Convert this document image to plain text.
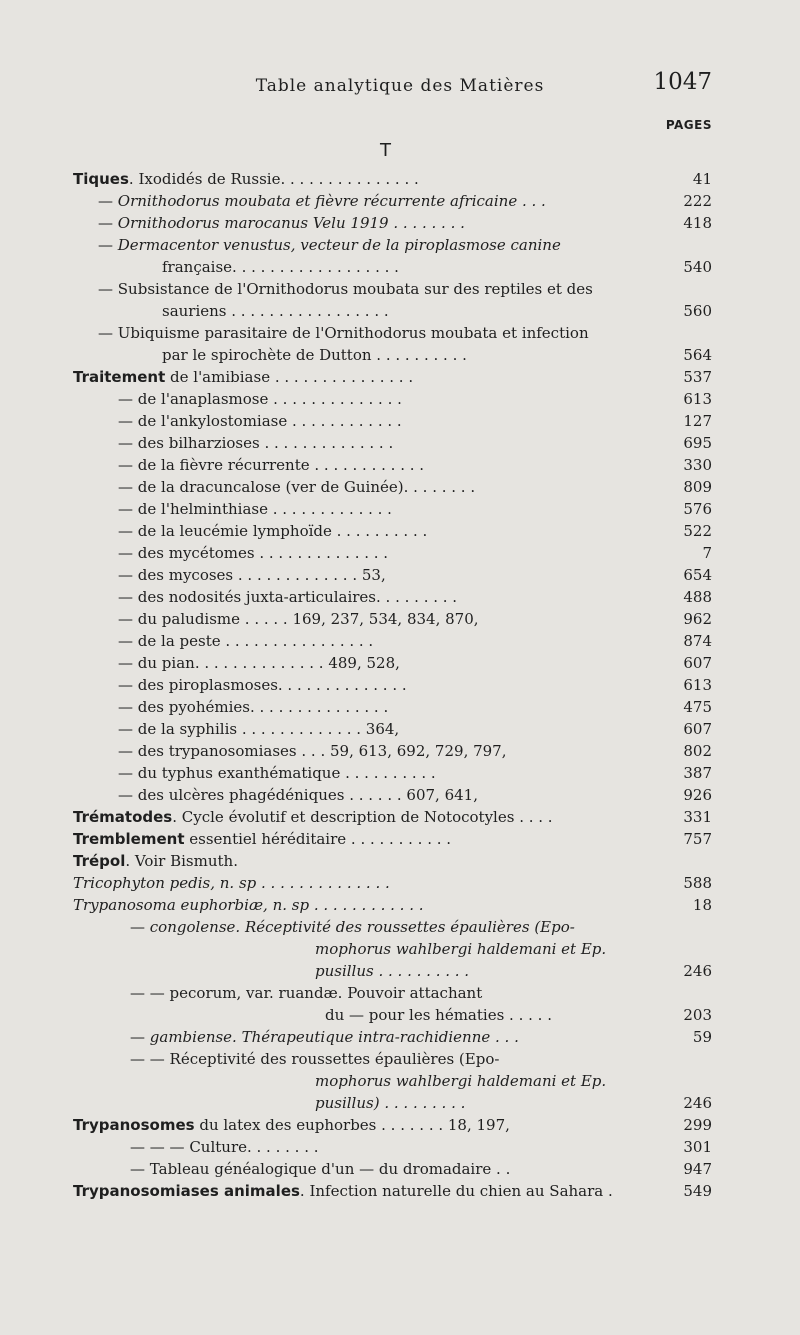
Table analytique des Matières	1047
PAGES
T
Tiques. Ixodidés de Russie. . . . . . . . . . . . . . .	41
— Ornithodorus moubata et fièvre récurrente africaine . . .	222
— Ornithodorus marocanus Velu 1919 . . . . . . . .	418
— Dermacentor venustus, vecteur de la piroplasmose canine
française. . . . . . . . . . . . . . . . . .	540
— Subsistance de l'Ornithodorus moubata sur des reptiles et des
sauriens . . . . . . . . . . . . . . . . .	560
— Ubiquisme parasitaire de l'Ornithodorus moubata et infection
par le spirochète de Dutton . . . . . . . . . .	564
Traitement de l'amibiase . . . . . . . . . . . . . . .	537
— de l'anaplasmose . . . . . . . . . . . . . .	613
— de l'ankylostomiase . . . . . . . . . . . .	127
— des bilharzioses . . . . . . . . . . . . . .	695
— de la fièvre récurrente . . . . . . . . . . . .	330
— de la dracuncalose (ver de Guinée). . . . . . . .	809
— de l'helminthiase . . . . . . . . . . . . .	576
— de la leucémie lymphoïde . . . . . . . . . .	522
— des mycétomes . . . . . . . . . . . . . .	7
— des mycoses . . . . . . . . . . . . . 53,	654
— des nodosités juxta-articulaires. . . . . . . . .	488
— du paludisme . . . . . 169, 237, 534, 834, 870,	962
— de la peste . . . . . . . . . . . . . . . .	874
— du pian. . . . . . . . . . . . . . 489, 528,	607
— des piroplasmoses. . . . . . . . . . . . . .	613
— des pyohémies. . . . . . . . . . . . . . .	475
— de la syphilis . . . . . . . . . . . . . 364,	607
— des trypanosomiases . . . 59, 613, 692, 729, 797,	802
— du typhus exanthématique . . . . . . . . . .	387
— des ulcères phagédéniques . . . . . . 607, 641,	926
Trématodes. Cycle évolutif et description de Notocotyles . . . .	331
Tremblement essentiel héréditaire . . . . . . . . . . .	757
Trépol. Voir Bismuth.
Tricophyton pedis, n. sp . . . . . . . . . . . . . .	588
Trypanosoma euphorbiæ, n. sp . . . . . . . . . . . .	18
— congolense. Réceptivité des roussettes épaulières (Epo-
mophorus wahlbergi haldemani et Ep.
pusillus . . . . . . . . . .	246
— — pecorum, var. ruandæ. Pouvoir attachant
du — pour les hématies . . . . .	203
— gambiense. Thérapeutique intra-rachidienne . . .	59
— — Réceptivité des roussettes épaulières (Epo-
mophorus wahlbergi haldemani et Ep.
pusillus) . . . . . . . . .	246
Trypanosomes du latex des euphorbes . . . . . . . 18, 197,	299
— — — Culture. . . . . . . .	301
— Tableau généalogique d'un — du dromadaire . .	947
Trypanosomiases animales. Infection naturelle du chien au Sahara .	549
